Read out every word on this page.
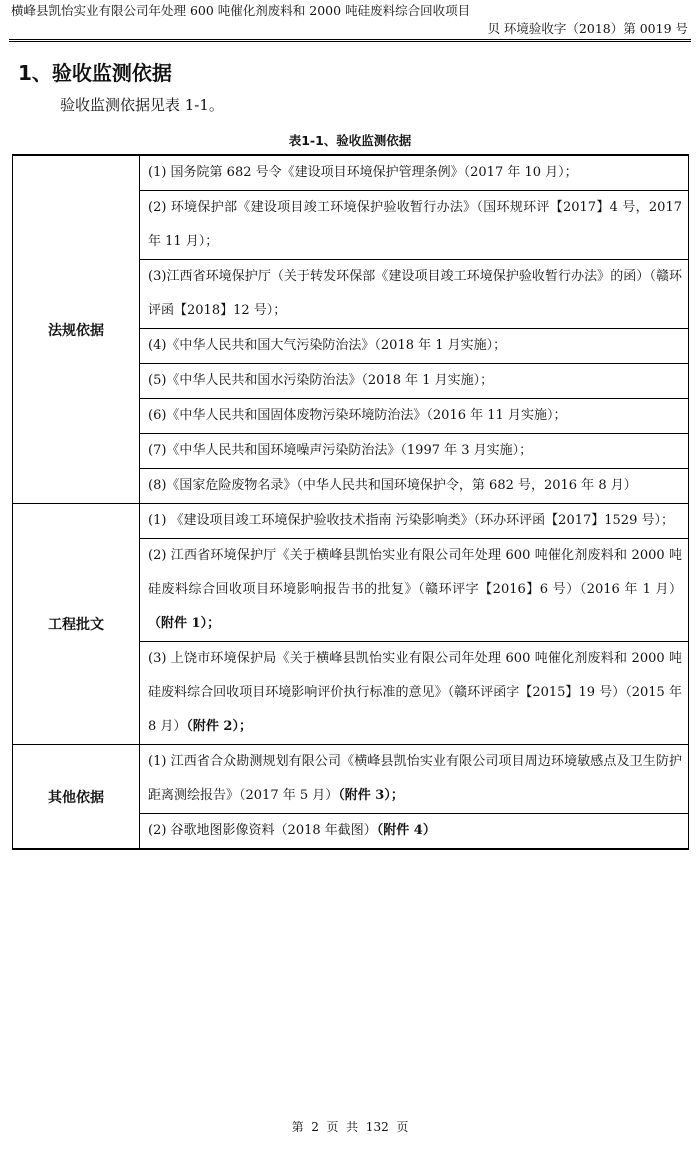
横峰县凯怡实业有限公司年处理 600 吨催化剂废料和 2000 吨硅废料综合回收项目
贝 环境验收字（2018）第 0019 号
1、验收监测依据
验收监测依据见表 1-1。
表1-1、验收监测依据
法规依据	(1) 国务院第 682 号令《建设项目环境保护管理条例》（2017 年 10 月）；
	(2) 环境保护部《建设项目竣工环境保护验收暂行办法》（国环规环评【2017】4 号，2017 年 11 月）；
	(3)江西省环境保护厅（关于转发环保部《建设项目竣工环境保护验收暂行办法》的函）（赣环评函【2018】12 号）；
	(4)《中华人民共和国大气污染防治法》（2018 年 1 月实施）；
	(5)《中华人民共和国水污染防治法》（2018 年 1 月实施）；
	(6)《中华人民共和国固体废物污染环境防治法》（2016 年 11 月实施）；
	(7)《中华人民共和国环境噪声污染防治法》（1997 年 3 月实施）；
	(8)《国家危险废物名录》（中华人民共和国环境保护令，第 682 号，2016 年 8 月）
工程批文	(1) 《建设项目竣工环境保护验收技术指南 污染影响类》（环办环评函【2017】1529 号）；
	(2) 江西省环境保护厅《关于横峰县凯怡实业有限公司年处理 600 吨催化剂废料和 2000 吨硅废料综合回收项目环境影响报告书的批复》（赣环评字【2016】6 号）（2016 年 1 月）（附件 1）；
	(3) 上饶市环境保护局《关于横峰县凯怡实业有限公司年处理 600 吨催化剂废料和 2000 吨硅废料综合回收项目环境影响评价执行标准的意见》（赣环评函字【2015】19 号）（2015 年 8 月）（附件 2）；
其他依据	(1) 江西省合众勘测规划有限公司《横峰县凯怡实业有限公司项目周边环境敏感点及卫生防护距离测绘报告》（2017 年 5 月）（附件 3）；
	(2) 谷歌地图影像资料（2018 年截图）（附件 4）
第  2  页  共  132  页
